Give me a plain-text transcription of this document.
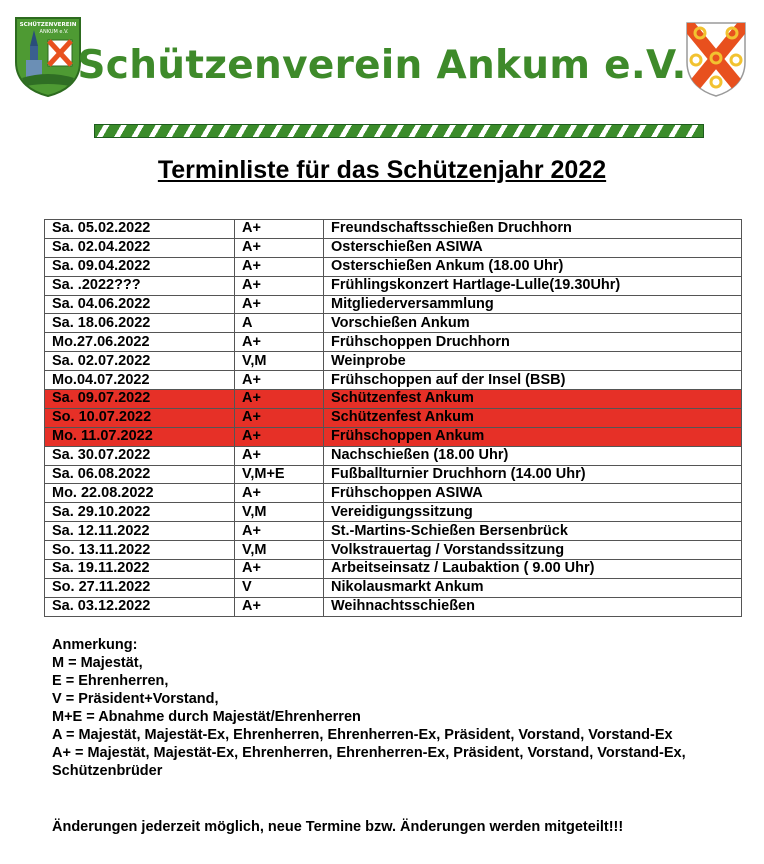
SCHÜTZENVEREIN
ANKUM e.V.
Schützenverein Ankum e.V.
Terminliste für das Schützenjahr 2022
Sa. 05.02.2022	A+	Freundschaftsschießen Druchhorn
Sa. 02.04.2022	A+	Osterschießen ASIWA
Sa. 09.04.2022	A+	Osterschießen Ankum (18.00 Uhr)
Sa. .2022???	A+	Frühlingskonzert Hartlage-Lulle(19.30Uhr)
Sa. 04.06.2022	A+	Mitgliederversammlung
Sa. 18.06.2022	A	Vorschießen Ankum
Mo.27.06.2022	A+	Frühschoppen Druchhorn
Sa. 02.07.2022	V,M	Weinprobe
Mo.04.07.2022	A+	Frühschoppen auf der Insel (BSB)
Sa. 09.07.2022	A+	Schützenfest Ankum
So. 10.07.2022	A+	Schützenfest Ankum
Mo. 11.07.2022	A+	Frühschoppen Ankum
Sa. 30.07.2022	A+	Nachschießen (18.00 Uhr)
Sa. 06.08.2022	V,M+E	Fußballturnier Druchhorn (14.00 Uhr)
Mo. 22.08.2022	A+	Frühschoppen ASIWA
Sa. 29.10.2022	V,M	Vereidigungssitzung
Sa. 12.11.2022	A+	St.-Martins-Schießen Bersenbrück
So. 13.11.2022	V,M	Volkstrauertag / Vorstandssitzung
Sa. 19.11.2022	A+	Arbeitseinsatz / Laubaktion ( 9.00 Uhr)
So. 27.11.2022	V	Nikolausmarkt Ankum
Sa. 03.12.2022	A+	Weihnachtsschießen
Anmerkung:
M = Majestät,
E = Ehrenherren,
V = Präsident+Vorstand,
M+E = Abnahme durch Majestät/Ehrenherren
A = Majestät, Majestät-Ex, Ehrenherren, Ehrenherren-Ex, Präsident, Vorstand, Vorstand-Ex
A+ = Majestät, Majestät-Ex, Ehrenherren, Ehrenherren-Ex, Präsident, Vorstand, Vorstand-Ex,
Schützenbrüder
Änderungen jederzeit möglich, neue Termine bzw. Änderungen werden mitgeteilt!!!
